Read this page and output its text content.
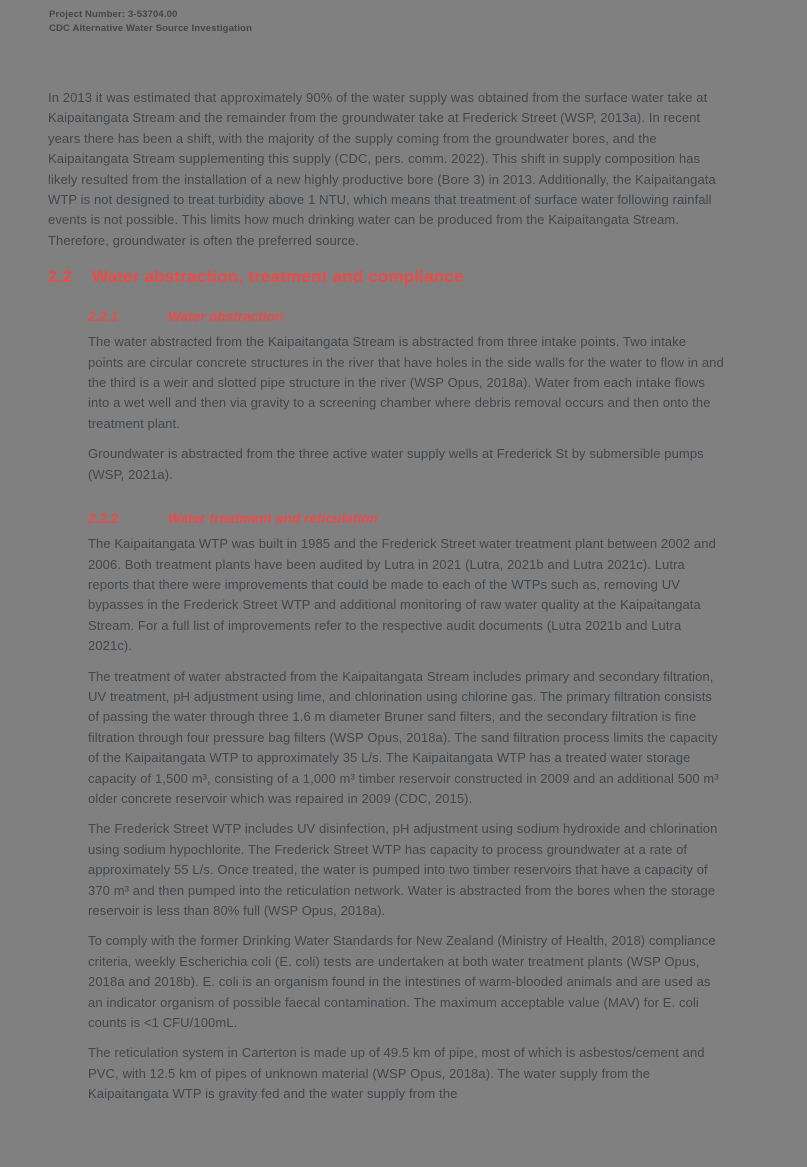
Project Number: 3-53704.00
CDC Alternative Water Source Investigation

In 2013 it was estimated that approximately 90% of the water supply was obtained from the surface water take at Kaipaitangata Stream and the remainder from the groundwater take at Frederick Street (WSP, 2013a). In recent years there has been a shift, with the majority of the supply coming from the groundwater bores, and the Kaipaitangata Stream supplementing this supply (CDC, pers. comm. 2022). This shift in supply composition has likely resulted from the installation of a new highly productive bore (Bore 3) in 2013. Additionally, the Kaipaitangata WTP is not designed to treat turbidity above 1 NTU, which means that treatment of surface water following rainfall events is not possible. This limits how much drinking water can be produced from the Kaipaitangata Stream. Therefore, groundwater is often the preferred source.

2.2	Water abstraction, treatment and compliance
2.2.1	Water abstraction

The water abstracted from the Kaipaitangata Stream is abstracted from three intake points. Two intake points are circular concrete structures in the river that have holes in the side walls for the water to flow in and the third is a weir and slotted pipe structure in the river (WSP Opus, 2018a). Water from each intake flows into a wet well and then via gravity to a screening chamber where debris removal occurs and then onto the treatment plant.

Groundwater is abstracted from the three active water supply wells at Frederick St by submersible pumps (WSP, 2021a).

2.2.2	Water treatment and reticulation

The Kaipaitangata WTP was built in 1985 and the Frederick Street water treatment plant between 2002 and 2006. Both treatment plants have been audited by Lutra in 2021 (Lutra, 2021b and Lutra 2021c). Lutra reports that there were improvements that could be made to each of the WTPs such as, removing UV bypasses in the Frederick Street WTP and additional monitoring of raw water quality at the Kaipaitangata Stream. For a full list of improvements refer to the respective audit documents (Lutra 2021b and Lutra 2021c).

The treatment of water abstracted from the Kaipaitangata Stream includes primary and secondary filtration, UV treatment, pH adjustment using lime, and chlorination using chlorine gas. The primary filtration consists of passing the water through three 1.6 m diameter Bruner sand filters, and the secondary filtration is fine filtration through four pressure bag filters (WSP Opus, 2018a). The sand filtration process limits the capacity of the Kaipaitangata WTP to approximately 35 L/s. The Kaipaitangata WTP has a treated water storage capacity of 1,500 m³, consisting of a 1,000 m³ timber reservoir constructed in 2009 and an additional 500 m³ older concrete reservoir which was repaired in 2009 (CDC, 2015).

The Frederick Street WTP includes UV disinfection, pH adjustment using sodium hydroxide and chlorination using sodium hypochlorite. The Frederick Street WTP has capacity to process groundwater at a rate of approximately 55 L/s. Once treated, the water is pumped into two timber reservoirs that have a capacity of 370 m³ and then pumped into the reticulation network. Water is abstracted from the bores when the storage reservoir is less than 80% full (WSP Opus, 2018a).

To comply with the former Drinking Water Standards for New Zealand (Ministry of Health, 2018) compliance criteria, weekly Escherichia coli (E. coli) tests are undertaken at both water treatment plants (WSP Opus, 2018a and 2018b). E. coli is an organism found in the intestines of warm-blooded animals and are used as an indicator organism of possible faecal contamination. The maximum acceptable value (MAV) for E. coli counts is <1 CFU/100mL.

The reticulation system in Carterton is made up of 49.5 km of pipe, most of which is asbestos/cement and PVC, with 12.5 km of pipes of unknown material (WSP Opus, 2018a). The water supply from the Kaipaitangata WTP is gravity fed and the water supply from the
